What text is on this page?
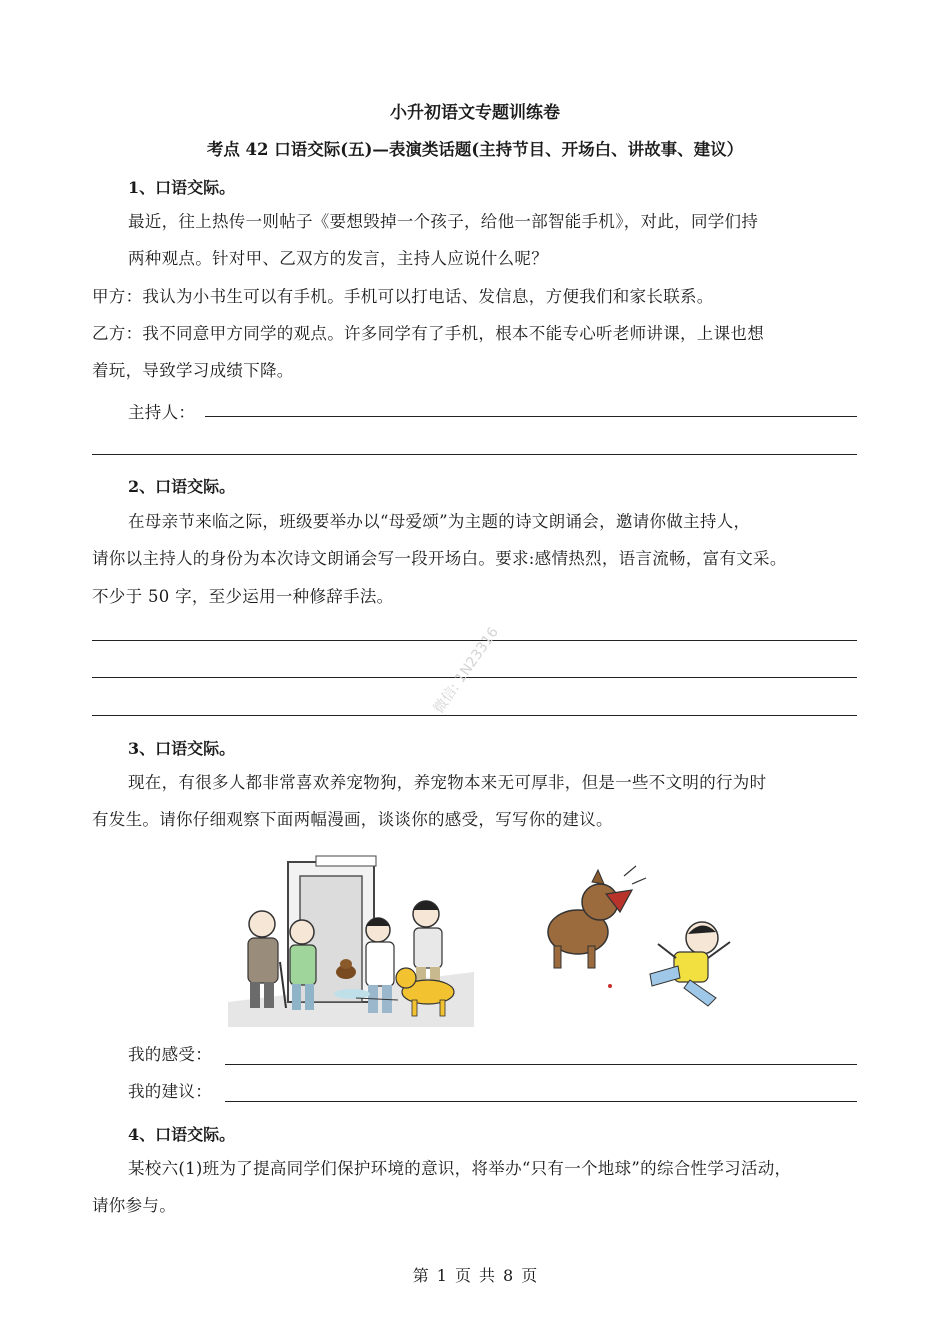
小升初语文专题训练卷
考点 42 口语交际(五)—表演类话题(主持节目、开场白、讲故事、建议）
1、口语交际。
最近，往上热传一则帖子《要想毁掉一个孩子，给他一部智能手机》，对此，同学们持
两种观点。针对甲、乙双方的发言，主持人应说什么呢？
甲方：我认为小书生可以有手机。手机可以打电话、发信息，方便我们和家长联系。
乙方：我不同意甲方同学的观点。许多同学有了手机，根本不能专心听老师讲课，上课也想
着玩，导致学习成绩下降。
主持人：
2、口语交际。
在母亲节来临之际，班级要举办以“母爱颂”为主题的诗文朗诵会，邀请你做主持人，
请你以主持人的身份为本次诗文朗诵会写一段开场白。要求:感情热烈，语言流畅，富有文采。
不少于 50 字，至少运用一种修辞手法。
微信: 1N23316
3、口语交际。
现在，有很多人都非常喜欢养宠物狗，养宠物本来无可厚非，但是一些不文明的行为时
有发生。请你仔细观察下面两幅漫画，谈谈你的感受，写写你的建议。
我的感受：
我的建议：
4、口语交际。
某校六(1)班为了提高同学们保护环境的意识，将举办“只有一个地球”的综合性学习活动，
请你参与。
第 1 页 共 8 页
